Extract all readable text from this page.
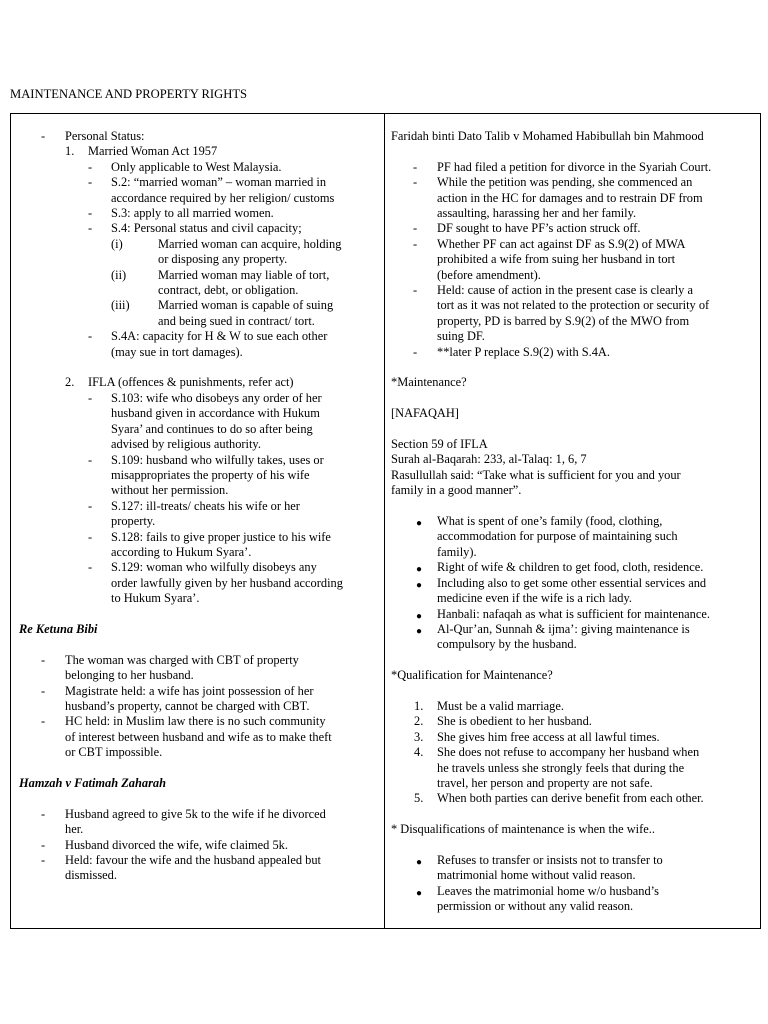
MAINTENANCE AND PROPERTY RIGHTS
- Personal Status:
1. Married Woman Act 1957
- Only applicable to West Malaysia.
- S.2: “married woman” – woman married in
accordance required by her religion/ customs
- S.3: apply to all married women.
- S.4: Personal status and civil capacity;
(i)	Married woman can acquire, holding
or disposing any property.
(ii)	Married woman may liable of tort,
contract, debt, or obligation.
(iii) Married woman is capable of suing
and being sued in contract/ tort.
- S.4A: capacity for H & W to sue each other
(may sue in tort damages).
2. IFLA (offences & punishments, refer act)
- S.103: wife who disobeys any order of her
husband given in accordance with Hukum
Syara’ and continues to do so after being
advised by religious authority.
- S.109: husband who wilfully takes, uses or
misappropriates the property of his wife
without her permission.
- S.127: ill-treats/ cheats his wife or her
property.
- S.128: fails to give proper justice to his wife
according to Hukum Syara’.
- S.129: woman who wilfully disobeys any
order lawfully given by her husband according
to Hukum Syara’.
Re Ketuna Bibi
- The woman was charged with CBT of property
belonging to her husband.
- Magistrate held: a wife has joint possession of her
husband’s property, cannot be charged with CBT.
- HC held: in Muslim law there is no such community
of interest between husband and wife as to make theft
or CBT impossible.
Hamzah v Fatimah Zaharah
- Husband agreed to give 5k to the wife if he divorced
her.
- Husband divorced the wife, wife claimed 5k.
- Held: favour the wife and the husband appealed but
dismissed.
Faridah binti Dato Talib v Mohamed Habibullah bin Mahmood
- PF had filed a petition for divorce in the Syariah Court.
- While the petition was pending, she commenced an
action in the HC for damages and to restrain DF from
assaulting, harassing her and her family.
- DF sought to have PF’s action struck off.
- Whether PF can act against DF as S.9(2) of MWA
prohibited a wife from suing her husband in tort
(before amendment).
- Held: cause of action in the present case is clearly a
tort as it was not related to the protection or security of
property, PD is barred by S.9(2) of the MWO from
suing DF.
- **later P replace S.9(2) with S.4A.
*Maintenance?
[NAFAQAH]
Section 59 of IFLA
Surah al-Baqarah: 233, al-Talaq: 1, 6, 7
Rasullullah said: “Take what is sufficient for you and your
family in a good manner”.
● What is spent of one’s family (food, clothing,
accommodation for purpose of maintaining such
family).
● Right of wife & children to get food, cloth, residence.
● Including also to get some other essential services and
medicine even if the wife is a rich lady.
● Hanbali: nafaqah as what is sufficient for maintenance.
● Al-Qur’an, Sunnah & ijma’: giving maintenance is
compulsory by the husband.
*Qualification for Maintenance?
1. Must be a valid marriage.
2. She is obedient to her husband.
3. She gives him free access at all lawful times.
4. She does not refuse to accompany her husband when
he travels unless she strongly feels that during the
travel, her person and property are not safe.
5. When both parties can derive benefit from each other.
* Disqualifications of maintenance is when the wife..
● Refuses to transfer or insists not to transfer to
matrimonial home without valid reason.
● Leaves the matrimonial home w/o husband’s
permission or without any valid reason.
